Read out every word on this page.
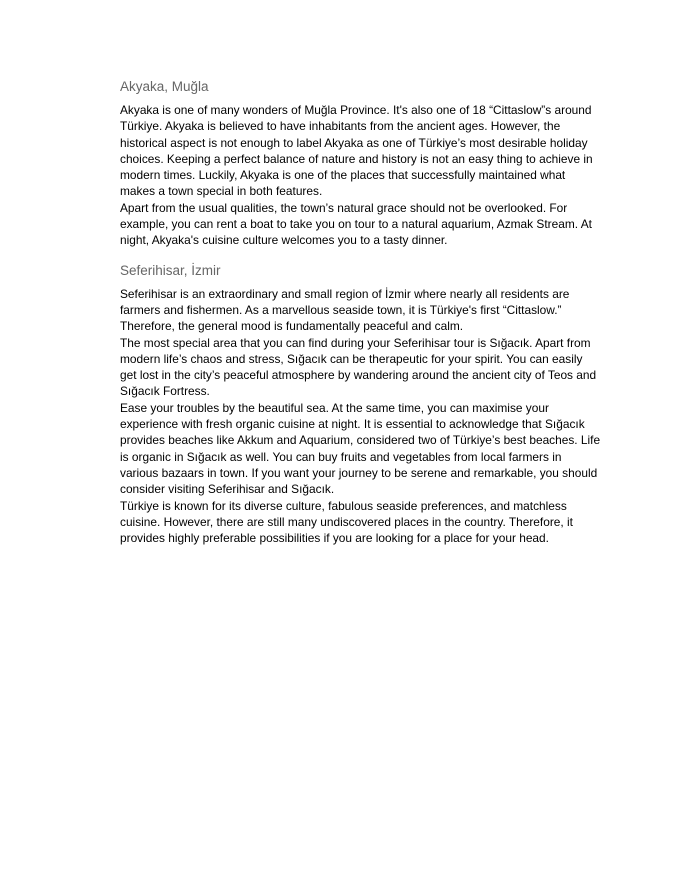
Akyaka, Muğla

Akyaka is one of many wonders of Muğla Province. It's also one of 18 “Cittaslow”s around Türkiye. Akyaka is believed to have inhabitants from the ancient ages. However, the historical aspect is not enough to label Akyaka as one of Türkiye’s most desirable holiday choices. Keeping a perfect balance of nature and history is not an easy thing to achieve in modern times. Luckily, Akyaka is one of the places that successfully maintained what makes a town special in both features.

Apart from the usual qualities, the town’s natural grace should not be overlooked. For example, you can rent a boat to take you on tour to a natural aquarium, Azmak Stream. At night, Akyaka's cuisine culture welcomes you to a tasty dinner.

Seferihisar, İzmir

Seferihisar is an extraordinary and small region of İzmir where nearly all residents are farmers and fishermen. As a marvellous seaside town, it is Türkiye's first “Cittaslow.” Therefore, the general mood is fundamentally peaceful and calm.

The most special area that you can find during your Seferihisar tour is Sığacık. Apart from modern life’s chaos and stress, Sığacık can be therapeutic for your spirit. You can easily get lost in the city’s peaceful atmosphere by wandering around the ancient city of Teos and Sığacık Fortress.

Ease your troubles by the beautiful sea. At the same time, you can maximise your experience with fresh organic cuisine at night. It is essential to acknowledge that Sığacık provides beaches like Akkum and Aquarium, considered two of Türkiye’s best beaches. Life is organic in Sığacık as well. You can buy fruits and vegetables from local farmers in various bazaars in town. If you want your journey to be serene and remarkable, you should consider visiting Seferihisar and Sığacık.

Türkiye is known for its diverse culture, fabulous seaside preferences, and matchless cuisine. However, there are still many undiscovered places in the country. Therefore, it provides highly preferable possibilities if you are looking for a place for your head.
